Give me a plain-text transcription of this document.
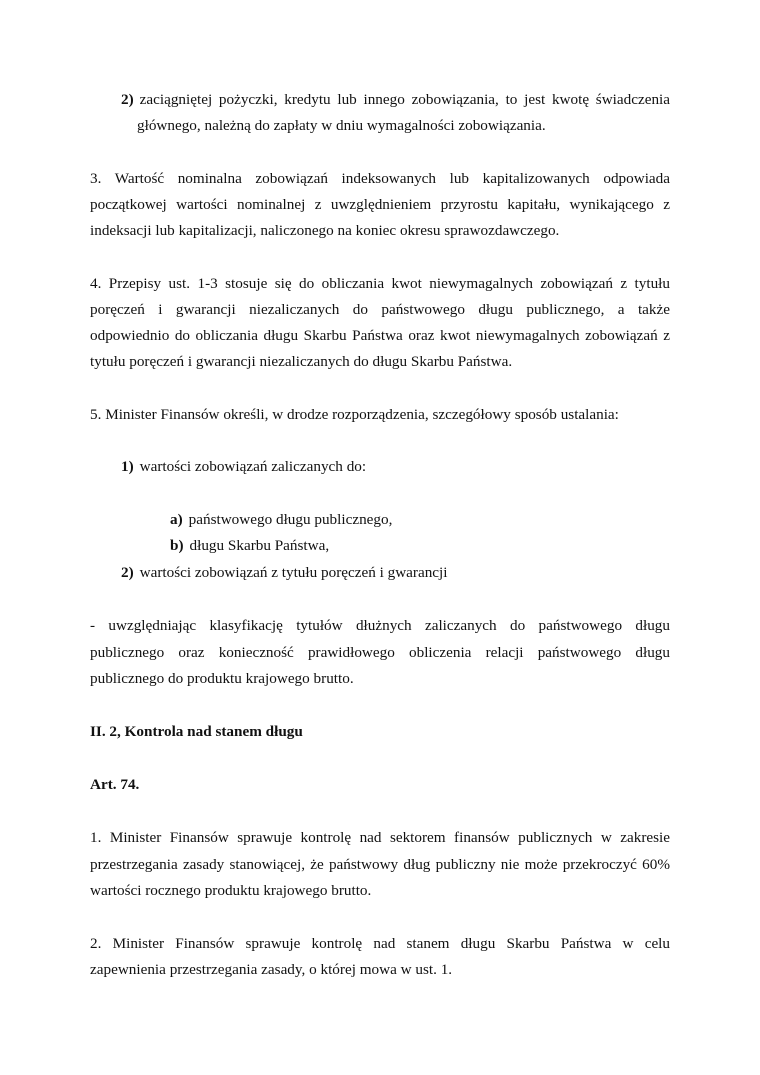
2) zaciągniętej pożyczki, kredytu lub innego zobowiązania, to jest kwotę świadczenia
głównego, należną do zapłaty w dniu wymagalności zobowiązania.
3. Wartość nominalna zobowiązań indeksowanych lub kapitalizowanych odpowiada
początkowej wartości nominalnej z uwzględnieniem przyrostu kapitału, wynikającego z
indeksacji lub kapitalizacji, naliczonego na koniec okresu sprawozdawczego.
4. Przepisy ust. 1-3 stosuje się do obliczania kwot niewymagalnych zobowiązań z tytułu
poręczeń i gwarancji niezaliczanych do państwowego długu publicznego, a także
odpowiednio do obliczania długu Skarbu Państwa oraz kwot niewymagalnych zobowiązań z
tytułu poręczeń i gwarancji niezaliczanych do długu Skarbu Państwa.
5. Minister Finansów określi, w drodze rozporządzenia, szczegółowy sposób ustalania:
1) wartości zobowiązań zaliczanych do:
a) państwowego długu publicznego,
b) długu Skarbu Państwa,
2) wartości zobowiązań z tytułu poręczeń i gwarancji
- uwzględniając klasyfikację tytułów dłużnych zaliczanych do państwowego długu
publicznego oraz konieczność prawidłowego obliczenia relacji państwowego długu
publicznego do produktu krajowego brutto.
II. 2, Kontrola nad stanem długu
Art. 74.
1. Minister Finansów sprawuje kontrolę nad sektorem finansów publicznych w zakresie
przestrzegania zasady stanowiącej, że państwowy dług publiczny nie może przekroczyć 60%
wartości rocznego produktu krajowego brutto.
2. Minister Finansów sprawuje kontrolę nad stanem długu Skarbu Państwa w celu
zapewnienia przestrzegania zasady, o której mowa w ust. 1.
